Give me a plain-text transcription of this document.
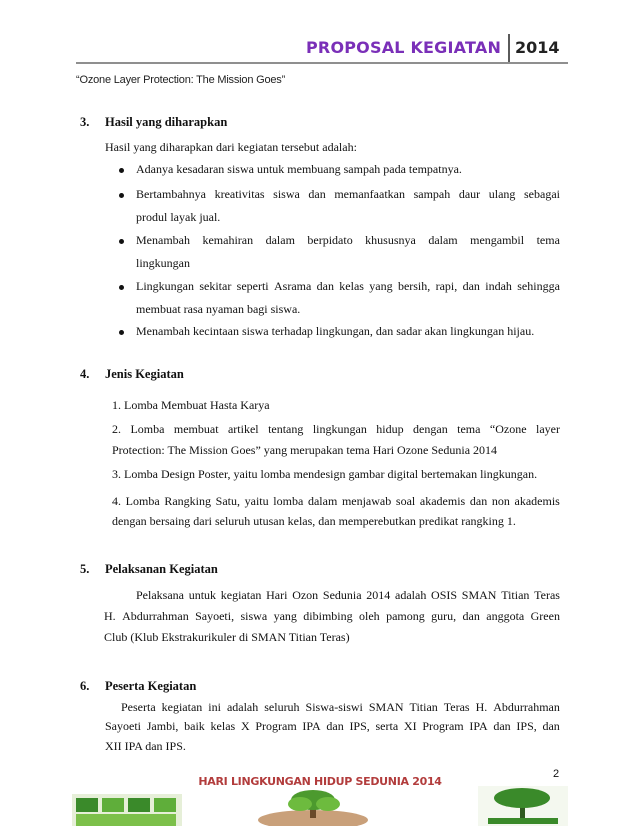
PROPOSAL KEGIATAN 2014
“Ozone Layer Protection: The Mission Goes”
3. Hasil yang diharapkan
Hasil yang diharapkan dari kegiatan tersebut adalah:
Adanya kesadaran siswa untuk membuang sampah pada tempatnya.
Bertambahnya kreativitas siswa dan memanfaatkan sampah daur ulang sebagai
produl layak jual.
Menambah kemahiran dalam berpidato khususnya dalam mengambil tema
lingkungan
Lingkungan sekitar seperti Asrama dan kelas yang bersih, rapi, dan indah sehingga
membuat rasa nyaman bagi siswa.
Menambah kecintaan siswa terhadap lingkungan, dan sadar akan lingkungan hijau.
4. Jenis Kegiatan
1. Lomba Membuat Hasta Karya
2. Lomba membuat artikel tentang lingkungan hidup dengan tema “Ozone layer
Protection: The Mission Goes” yang merupakan tema Hari Ozone Sedunia 2014
3. Lomba Design Poster, yaitu lomba mendesign gambar digital bertemakan lingkungan.
4. Lomba Rangking Satu, yaitu lomba dalam menjawab soal akademis dan non akademis
dengan bersaing dari seluruh utusan kelas, dan memperebutkan predikat rangking 1.
5. Pelaksanan Kegiatan
Pelaksana untuk kegiatan Hari Ozon Sedunia 2014 adalah OSIS SMAN Titian Teras
H. Abdurrahman Sayoeti, siswa yang dibimbing oleh pamong guru, dan anggota Green
Club (Klub Ekstrakurikuler di SMAN Titian Teras)
6. Peserta Kegiatan
Peserta kegiatan ini adalah seluruh Siswa-siswi SMAN Titian Teras H. Abdurrahman
Sayoeti Jambi, baik kelas X Program IPA dan IPS, serta XI Program IPA dan IPS, dan
XII IPA dan IPS.
2
HARI LINGKUNGAN HIDUP SEDUNIA 2014
